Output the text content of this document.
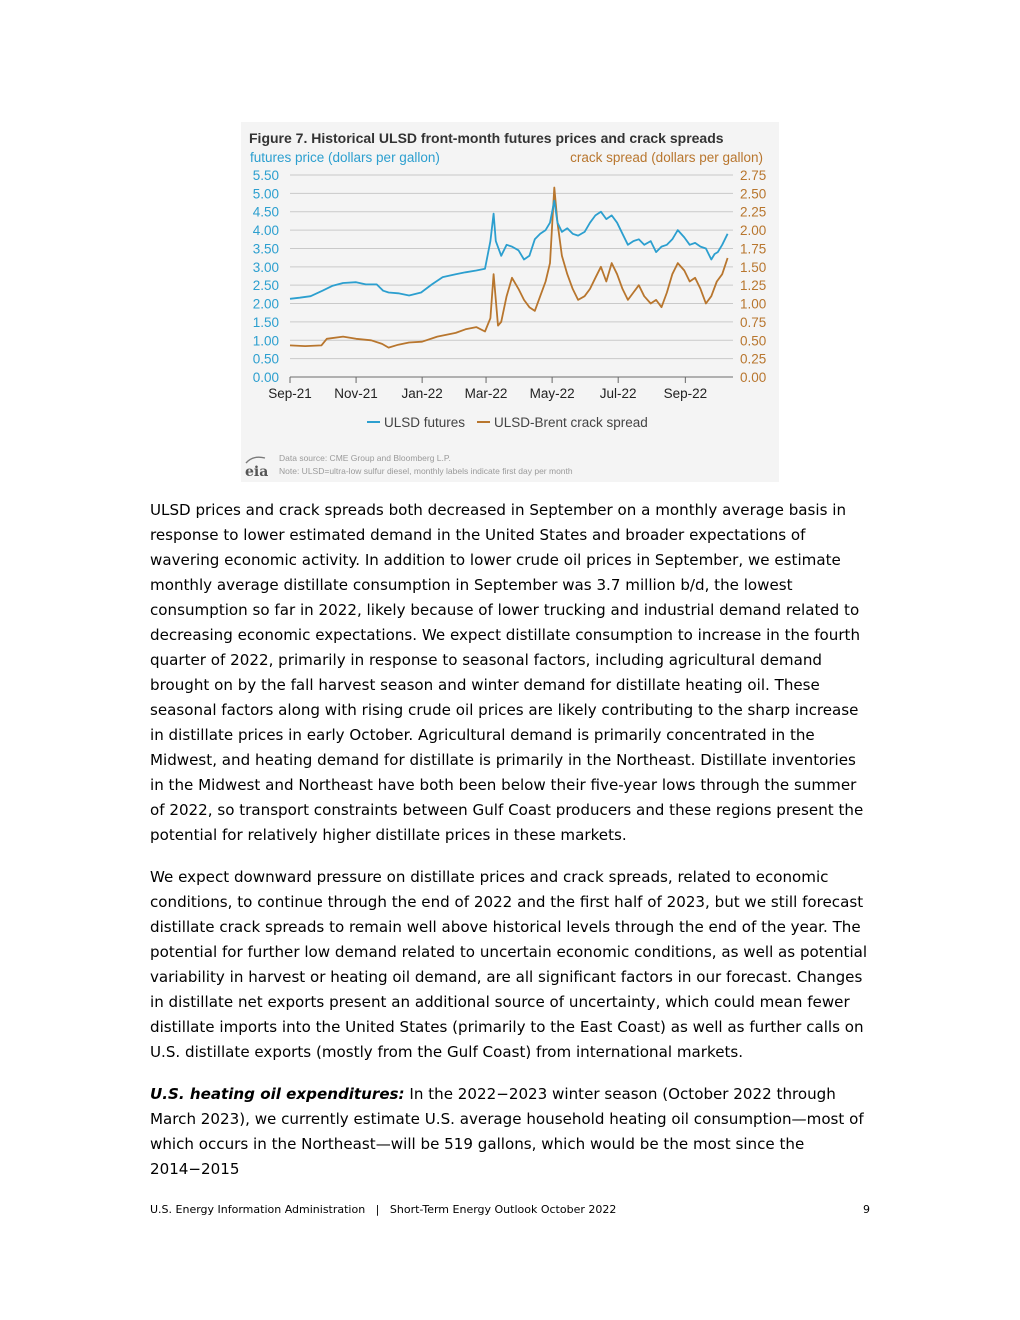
Figure 7. Historical ULSD front-month futures prices and crack spreads
futures price (dollars per gallon)	crack spread (dollars per gallon)
0.00
0.50
1.00
1.50
2.00
2.50
3.00
3.50
4.00
4.50
5.00
5.50
0.00
0.25
0.50
0.75
1.00
1.25
1.50
1.75
2.00
2.25
2.50
2.75
Sep-21 Nov-21 Jan-22 Mar-22 May-22 Jul-22 Sep-22
ULSD futures ULSD-Brent crack spread
eia
Data source: CME Group and Bloomberg L.P.
Note: ULSD=ultra-low sulfur diesel, monthly labels indicate first day per month

ULSD prices and crack spreads both decreased in September on a monthly average basis in response to lower estimated demand in the United States and broader expectations of wavering economic activity. In addition to lower crude oil prices in September, we estimate monthly average distillate consumption in September was 3.7 million b/d, the lowest consumption so far in 2022, likely because of lower trucking and industrial demand related to decreasing economic expectations. We expect distillate consumption to increase in the fourth quarter of 2022, primarily in response to seasonal factors, including agricultural demand brought on by the fall harvest season and winter demand for distillate heating oil. These seasonal factors along with rising crude oil prices are likely contributing to the sharp increase in distillate prices in early October. Agricultural demand is primarily concentrated in the Midwest, and heating demand for distillate is primarily in the Northeast. Distillate inventories in the Midwest and Northeast have both been below their five-year lows through the summer of 2022, so transport constraints between Gulf Coast producers and these regions present the potential for relatively higher distillate prices in these markets.

We expect downward pressure on distillate prices and crack spreads, related to economic conditions, to continue through the end of 2022 and the first half of 2023, but we still forecast distillate crack spreads to remain well above historical levels through the end of the year. The potential for further low demand related to uncertain economic conditions, as well as potential variability in harvest or heating oil demand, are all significant factors in our forecast. Changes in distillate net exports present an additional source of uncertainty, which could mean fewer distillate imports into the United States (primarily to the East Coast) as well as further calls on U.S. distillate exports (mostly from the Gulf Coast) from international markets.

U.S. heating oil expenditures: In the 2022−2023 winter season (October 2022 through March 2023), we currently estimate U.S. average household heating oil consumption—most of which occurs in the Northeast—will be 519 gallons, which would be the most since the 2014−2015

U.S. Energy Information Administration   |   Short-Term Energy Outlook October 2022	9
